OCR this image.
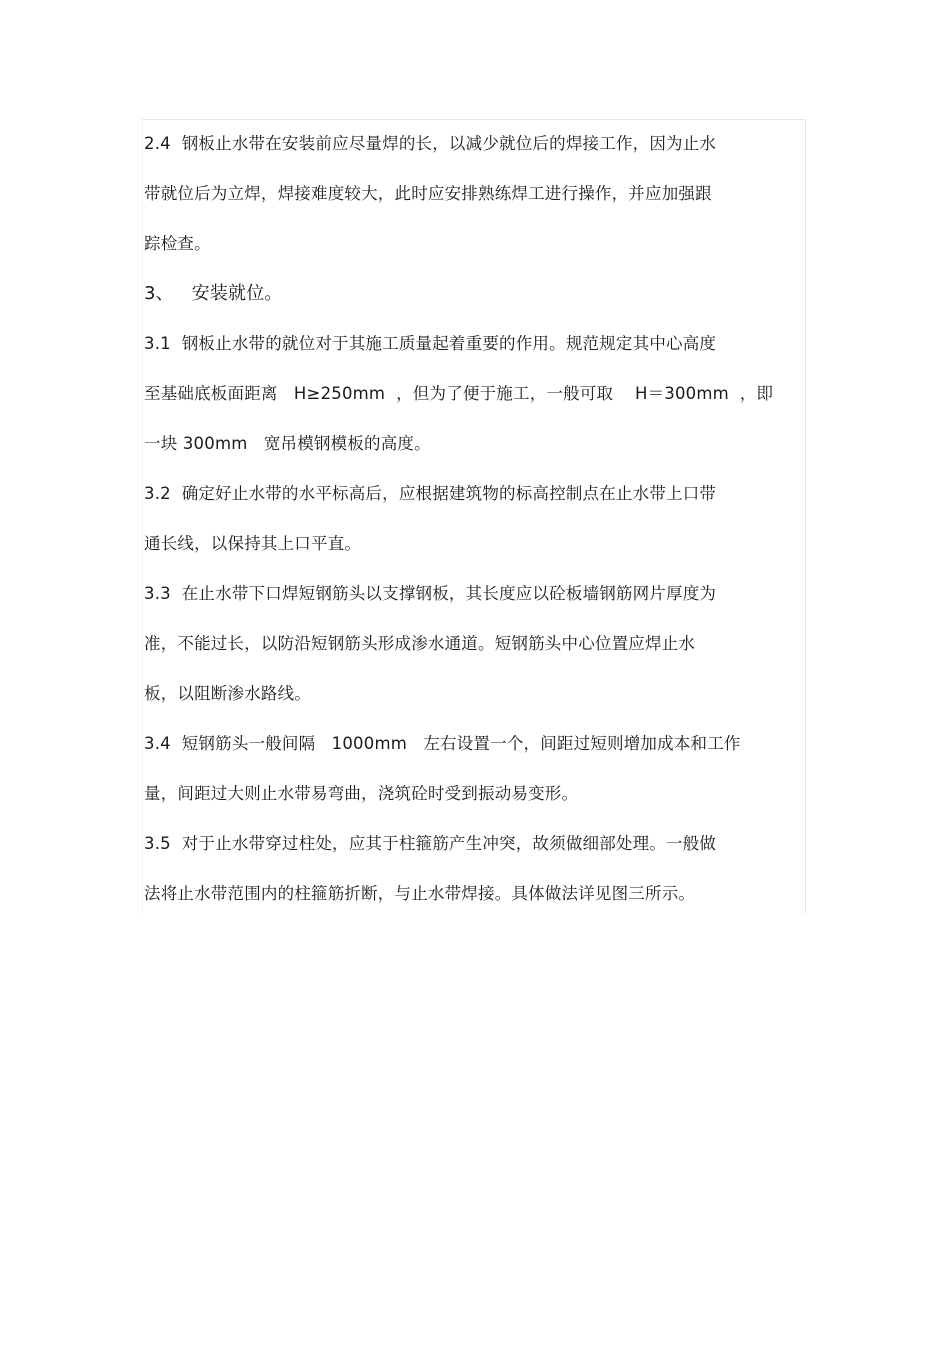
2.4  钢板止水带在安装前应尽量焊的长，以减少就位后的焊接工作，因为止水
带就位后为立焊，焊接难度较大，此时应安排熟练焊工进行操作，并应加强跟
踪检查。
3、   安装就位。
3.1  钢板止水带的就位对于其施工质量起着重要的作用。规范规定其中心高度
至基础底板面距离   H≥250mm  ，但为了便于施工，一般可取    H＝300mm  ，即
一块 300mm   宽吊模钢模板的高度。
3.2  确定好止水带的水平标高后，应根据建筑物的标高控制点在止水带上口带
通长线，以保持其上口平直。
3.3  在止水带下口焊短钢筋头以支撑钢板，其长度应以砼板墙钢筋网片厚度为
准，不能过长，以防沿短钢筋头形成渗水通道。短钢筋头中心位置应焊止水
板，以阻断渗水路线。
3.4  短钢筋头一般间隔   1000mm   左右设置一个，间距过短则增加成本和工作
量，间距过大则止水带易弯曲，浇筑砼时受到振动易变形。
3.5  对于止水带穿过柱处，应其于柱箍筋产生冲突，故须做细部处理。一般做
法将止水带范围内的柱箍筋折断，与止水带焊接。具体做法详见图三所示。
